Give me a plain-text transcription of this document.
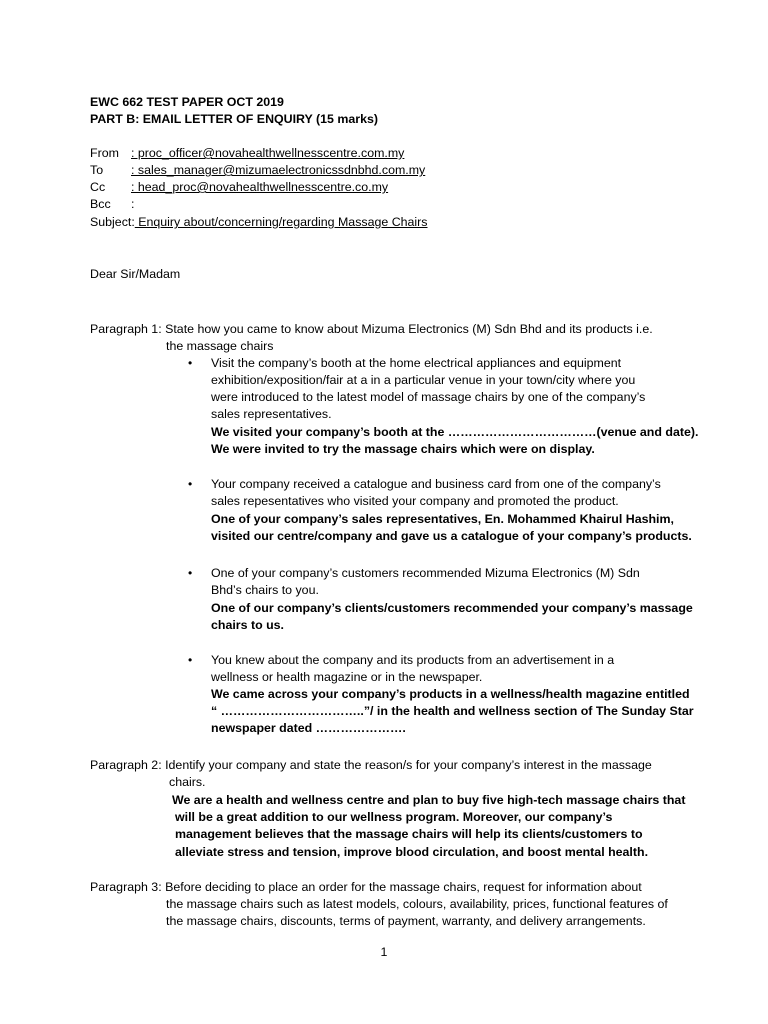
EWC 662 TEST PAPER OCT 2019
PART B: EMAIL LETTER OF ENQUIRY (15 marks)
From : proc_officer@novahealthwellnesscentre.com.my
To : sales_manager@mizumaelectronicssdnbhd.com.my
Cc : head_proc@novahealthwellnesscentre.co.my
Bcc :
Subject: Enquiry about/concerning/regarding Massage Chairs
Dear Sir/Madam
Paragraph 1: State how you came to know about Mizuma Electronics (M) Sdn Bhd and its products i.e.
the massage chairs
• Visit the company’s booth at the home electrical appliances and equipment
exhibition/exposition/fair at a in a particular venue in your town/city where you
were introduced to the latest model of massage chairs by one of the company’s
sales representatives.
We visited your company’s booth at the ………………………………(venue and date).
We were invited to try the massage chairs which were on display.
• Your company received a catalogue and business card from one of the company’s
sales repesentatives who visited your company and promoted the product.
One of your company’s sales representatives, En. Mohammed Khairul Hashim,
visited our centre/company and gave us a catalogue of your company’s products.
• One of your company’s customers recommended Mizuma Electronics (M) Sdn
Bhd’s chairs to you.
One of our company’s clients/customers recommended your company’s massage
chairs to us.
• You knew about the company and its products from an advertisement in a
wellness or health magazine or in the newspaper.
We came across your company’s products in a wellness/health magazine entitled
“ ……………………………..”/ in the health and wellness section of The Sunday Star
newspaper dated ………………….
Paragraph 2: Identify your company and state the reason/s for your company’s interest in the massage
chairs.
We are a health and wellness centre and plan to buy five high-tech massage chairs that
will be a great addition to our wellness program. Moreover, our company’s
management believes that the massage chairs will help its clients/customers to
alleviate stress and tension, improve blood circulation, and boost mental health.
Paragraph 3: Before deciding to place an order for the massage chairs, request for information about
the massage chairs such as latest models, colours, availability, prices, functional features of
the massage chairs, discounts, terms of payment, warranty, and delivery arrangements.
1
